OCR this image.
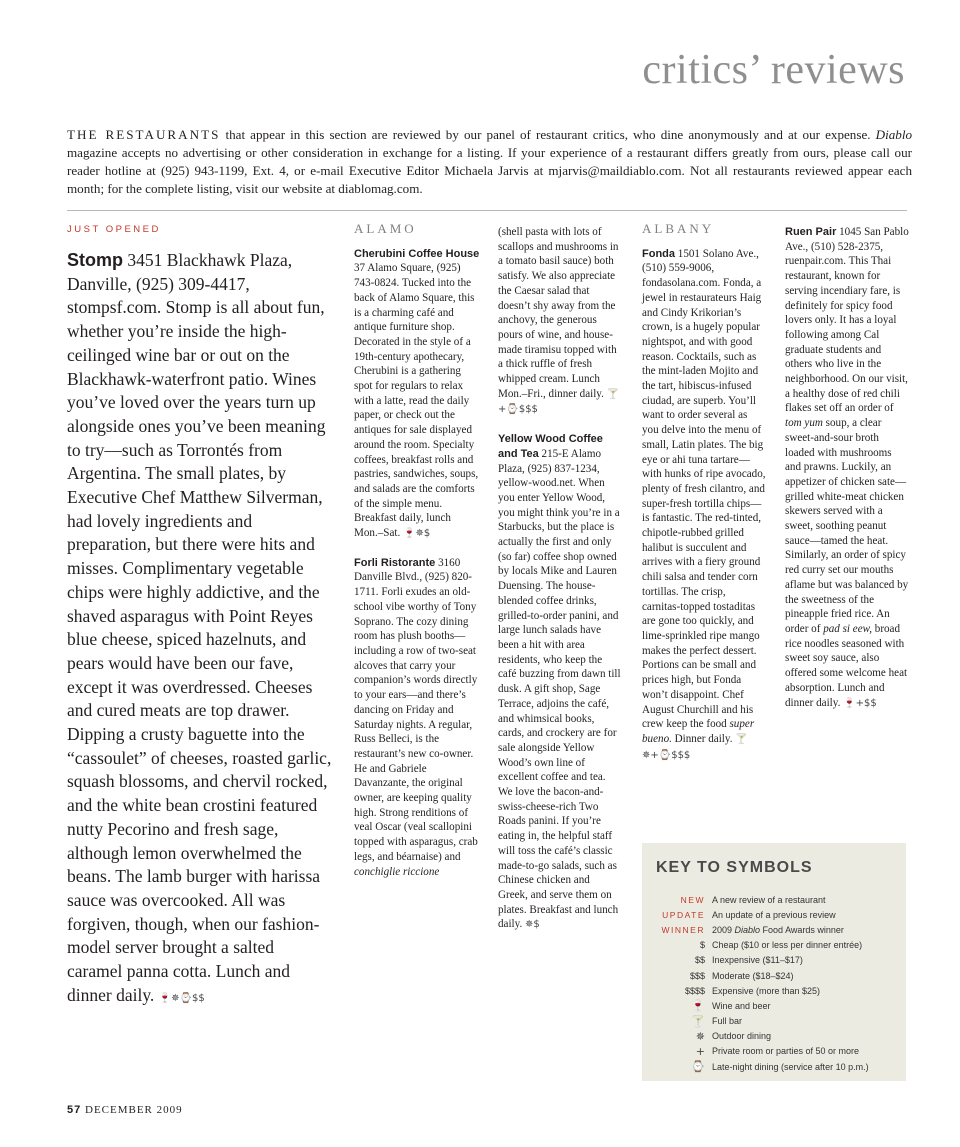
critics’ reviews
THE RESTAURANTS that appear in this section are reviewed by our panel of restaurant critics, who dine anonymously and at our expense. Diablo magazine accepts no advertising or other consideration in exchange for a listing. If your experience of a restaurant differs greatly from ours, please call our reader hotline at (925) 943-1199, Ext. 4, or e-mail Executive Editor Michaela Jarvis at mjarvis@maildiablo.com. Not all restaurants reviewed appear each month; for the complete listing, visit our website at diablomag.com.
JUST OPENED
Stomp 3451 Blackhawk Plaza, Danville, (925) 309-4417, stompsf.com. Stomp is all about fun, whether you’re inside the high-ceilinged wine bar or out on the Blackhawk-waterfront patio. Wines you’ve loved over the years turn up alongside ones you’ve been meaning to try—such as Torrontés from Argentina. The small plates, by Executive Chef Matthew Silverman, had lovely ingredients and preparation, but there were hits and misses. Complimentary vegetable chips were highly addictive, and the shaved asparagus with Point Reyes blue cheese, spiced hazelnuts, and pears would have been our fave, except it was overdressed. Cheeses and cured meats are top drawer. Dipping a crusty baguette into the “cassoulet” of cheeses, roasted garlic, squash blossoms, and chervil rocked, and the white bean crostini featured nutty Pecorino and fresh sage, although lemon overwhelmed the beans. The lamb burger with harissa sauce was overcooked. All was forgiven, though, when our fashion-model server brought a salted caramel panna cotta. Lunch and dinner daily. 🍷✵⌚$$
ALAMO

Cherubini Coffee House 37 Alamo Square, (925) 743-0824. Tucked into the back of Alamo Square, this is a charming café and antique furniture shop. Decorated in the style of a 19th-century apothecary, Cherubini is a gathering spot for regulars to relax with a latte, read the daily paper, or check out the antiques for sale displayed around the room. Specialty coffees, breakfast rolls and pastries, sandwiches, soups, and salads are the comforts of the simple menu. Breakfast daily, lunch Mon.–Sat. 🍷✵$

Forli Ristorante 3160 Danville Blvd., (925) 820-1711. Forli exudes an old-school vibe worthy of Tony Soprano. The cozy dining room has plush booths—including a row of two-seat alcoves that carry your companion’s words directly to your ears—and there’s dancing on Friday and Saturday nights. A regular, Russ Belleci, is the restaurant’s new co-owner. He and Gabriele Davanzante, the original owner, are keeping quality high. Strong renditions of veal Oscar (veal scallopini topped with asparagus, crab legs, and béarnaise) and conchiglie riccione

(shell pasta with lots of scallops and mushrooms in a tomato basil sauce) both satisfy. We also appreciate the Caesar salad that doesn’t shy away from the anchovy, the generous pours of wine, and house-made tiramisu topped with a thick ruffle of fresh whipped cream. Lunch Mon.–Fri., dinner daily. 🍸+⌚$$$

Yellow Wood Coffee and Tea 215-E Alamo Plaza, (925) 837-1234, yellow-wood.net. When you enter Yellow Wood, you might think you’re in a Starbucks, but the place is actually the first and only (so far) coffee shop owned by locals Mike and Lauren Duensing. The house-blended coffee drinks, grilled-to-order panini, and large lunch salads have been a hit with area residents, who keep the café buzzing from dawn till dusk. A gift shop, Sage Terrace, adjoins the café, and whimsical books, cards, and crockery are for sale alongside Yellow Wood’s own line of excellent coffee and tea. We love the bacon-and-swiss-cheese-rich Two Roads panini. If you’re eating in, the helpful staff will toss the café’s classic made-to-go salads, such as Chinese chicken and Greek, and serve them on plates. Breakfast and lunch daily. ✵$

ALBANY

Fonda 1501 Solano Ave., (510) 559-9006, fondasolana.com. Fonda, a jewel in restaurateurs Haig and Cindy Krikorian’s crown, is a hugely popular nightspot, and with good reason. Cocktails, such as the mint-laden Mojito and the tart, hibiscus-infused ciudad, are superb. You’ll want to order several as you delve into the menu of small, Latin plates. The big eye or ahi tuna tartare—with hunks of ripe avocado, plenty of fresh cilantro, and super-fresh tortilla chips—is fantastic. The red-tinted, chipotle-rubbed grilled halibut is succulent and arrives with a fiery ground chili salsa and tender corn tortillas. The crisp, carnitas-topped tostaditas are gone too quickly, and lime-sprinkled ripe mango makes the perfect dessert. Portions can be small and prices high, but Fonda won’t disappoint. Chef August Churchill and his crew keep the food super bueno. Dinner daily. 🍸✵+⌚$$$

Ruen Pair 1045 San Pablo Ave., (510) 528-2375, ruenpair.com. This Thai restaurant, known for serving incendiary fare, is definitely for spicy food lovers only. It has a loyal following among Cal graduate students and others who live in the neighborhood. On our visit, a healthy dose of red chili flakes set off an order of tom yum soup, a clear sweet-and-sour broth loaded with mushrooms and prawns. Luckily, an appetizer of chicken sate—grilled white-meat chicken skewers served with a sweet, soothing peanut sauce—tamed the heat. Similarly, an order of spicy red curry set our mouths aflame but was balanced by the sweetness of the pineapple fried rice. An order of pad si eew, broad rice noodles seasoned with sweet soy sauce, also offered some welcome heat absorption. Lunch and dinner daily. 🍷+$$

KEY TO SYMBOLS
NEW A new review of a restaurant
UPDATE An update of a previous review
WINNER 2009 Diablo Food Awards winner
$ Cheap ($10 or less per dinner entrée)
$$ Inexpensive ($11–$17)
$$$ Moderate ($18–$24)
$$$$ Expensive (more than $25)
🍷 Wine and beer
🍸 Full bar
✵ Outdoor dining
+ Private room or parties of 50 or more
⌚ Late-night dining (service after 10 p.m.)
57 DECEMBER 2009
